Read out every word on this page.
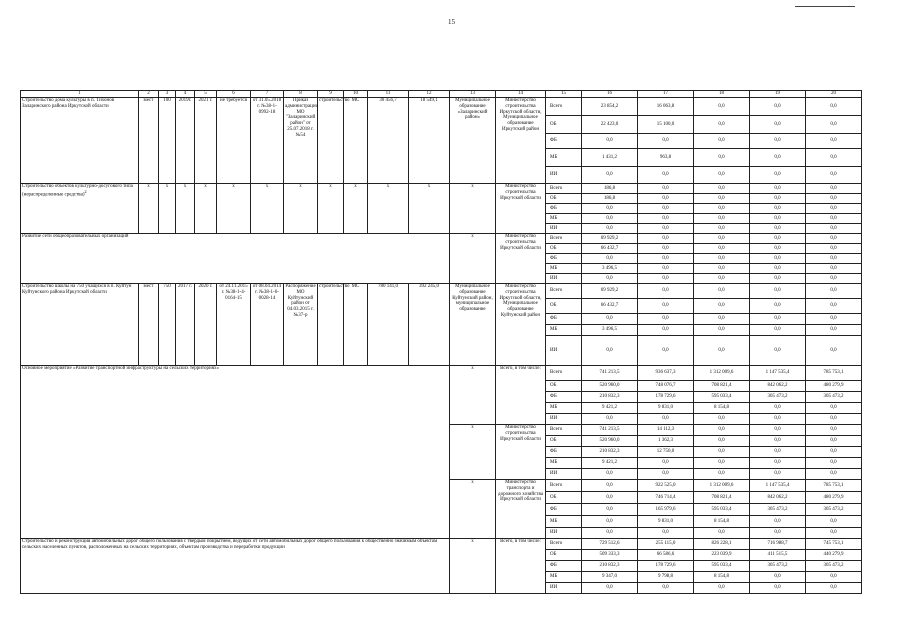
15
1	2	3	4	5	6	7	8	9	10	11	12	13	14	15	16	17	18	19	20
Строительство дома культуры в п. Тихонов Заларинского района Иркутской области	мест	100	2019г.	2021 г.	не требуется	от 31.05.2018 г. №38-1-0992-18	Приказ администрации МО "Заларинский район" от 25.07.2018 г. №54	строительство	МС	30 456,7	18 549,1	Муниципальное образование «Заларинский район»	Министерство строительства Иркутской области, Муниципальное образование Иркутский район	Всего	23 854,2	16 063,8	0,0	0,0	0,0
														ОБ	22 423,0	15 100,0	0,0	0,0	0,0
														ФБ	0,0	0,0	0,0	0,0	0,0
														МБ	1 431,2	963,8	0,0	0,0	0,0
														ИИ	0,0	0,0	0,0	0,0	0,0
Строительство объектов культурно-досугового типа (нераспределенные средства)$^2$	х	х	х	х	х	х	х	х	х	х	х	х	Министерство строительства Иркутской области	Всего	186,8	0,0	0,0	0,0	0,0
														ОБ	186,8	0,0	0,0	0,0	0,0
														ФБ	0,0	0,0	0,0	0,0	0,0
														МБ	0,0	0,0	0,0	0,0	0,0
														ИИ	0,0	0,0	0,0	0,0	0,0
Развитие сети общеобразовательных организаций												х	Министерство строительства Иркутской области	Всего	69 929,2	0,0	0,0	0,0	0,0
														ОБ	66 432,7	0,0	0,0	0,0	0,0
														ФБ	0,0	0,0	0,0	0,0	0,0
														МБ	3 496,5	0,0	0,0	0,0	0,0
														ИИ	0,0	0,0	0,0	0,0	0,0
Строительство школы на 750 учащихся в п. Куйтун Куйтунского района Иркутской области	мест	750	2017 г.	2020 г.	от 24.11.2015 г. №38-1-4-0164-15	от 08.04.2014 г. №38-1-6-0028-14	Распоряжение МО Куйтунский район от 04.03.2015 г. №37-р	строительство	МС	780 141,0	392 245,0	Муниципальное образование Куйтунский район, муниципальное образование	Министерство строительства Иркутской области, Муниципальное образование Куйтунский район	Всего	69 929,2	0,0	0,0	0,0	0,0
														ОБ	66 432,7	0,0	0,0	0,0	0,0
														ФБ	0,0	0,0	0,0	0,0	0,0
														МБ	3 496,5	0,0	0,0	0,0	0,0
														ИИ	0,0	0,0	0,0	0,0	0,0
Основное мероприятие «Развитие транспортной инфраструктуры на сельских территориях»												х	Всего, в том числе:	Всего	741 213,5	936 637,3	1 312 009,6	1 147 535,4	785 753,1
														ОБ	520 960,0	748 076,7	708 821,4	842 062,2	480 279,9
														ФБ	210 832,3	178 729,6	595 033,4	305 473,2	305 473,2
														МБ	9 421,2	9 831,0	8 154,8	0,0	0,0
														ИИ	0,0	0,0	0,0	0,0	0,0
												х	Министерство строительства Иркутской области	Всего	741 213,5	14 112,3	0,0	0,0	0,0
														ОБ	520 960,0	1 362,3	0,0	0,0	0,0
														ФБ	210 832,3	12 750,0	0,0	0,0	0,0
														МБ	9 421,2	0,0	0,0	0,0	0,0
														ИИ	0,0	0,0	0,0	0,0	0,0
												х	Министерство транспорта и дорожного хозяйства Иркутской области	Всего	0,0	922 525,0	1 312 009,6	1 147 535,4	785 753,1
														ОБ	0,0	746 714,4	708 821,4	842 062,2	480 279,9
														ФБ	0,0	165 979,6	595 033,4	305 473,2	305 473,2
														МБ	0,0	9 831,0	8 154,8	0,0	0,0
														ИИ	0,0	0,0	0,0	0,0	0,0
Строительство и реконструкция автомобильных дорог общего пользования с твердым покрытием, ведущих от сети автомобильных дорог общего пользования к общественно значимым объектам сельских населенных пунктов, расположенных на сельских территориях, объектам производства и переработки продукции												х	Всего, в том числе:	Всего	729 512,6	255 115,0	826 228,1	716 988,7	745 753,1
														ОБ	509 333,3	66 586,6	223 039,9	411 515,5	440 279,9
														ФБ	210 832,3	178 729,6	595 033,4	305 473,2	305 473,2
														МБ	9 347,0	9 798,8	8 154,8	0,0	0,0
														ИИ	0,0	0,0	0,0	0,0	0,0
